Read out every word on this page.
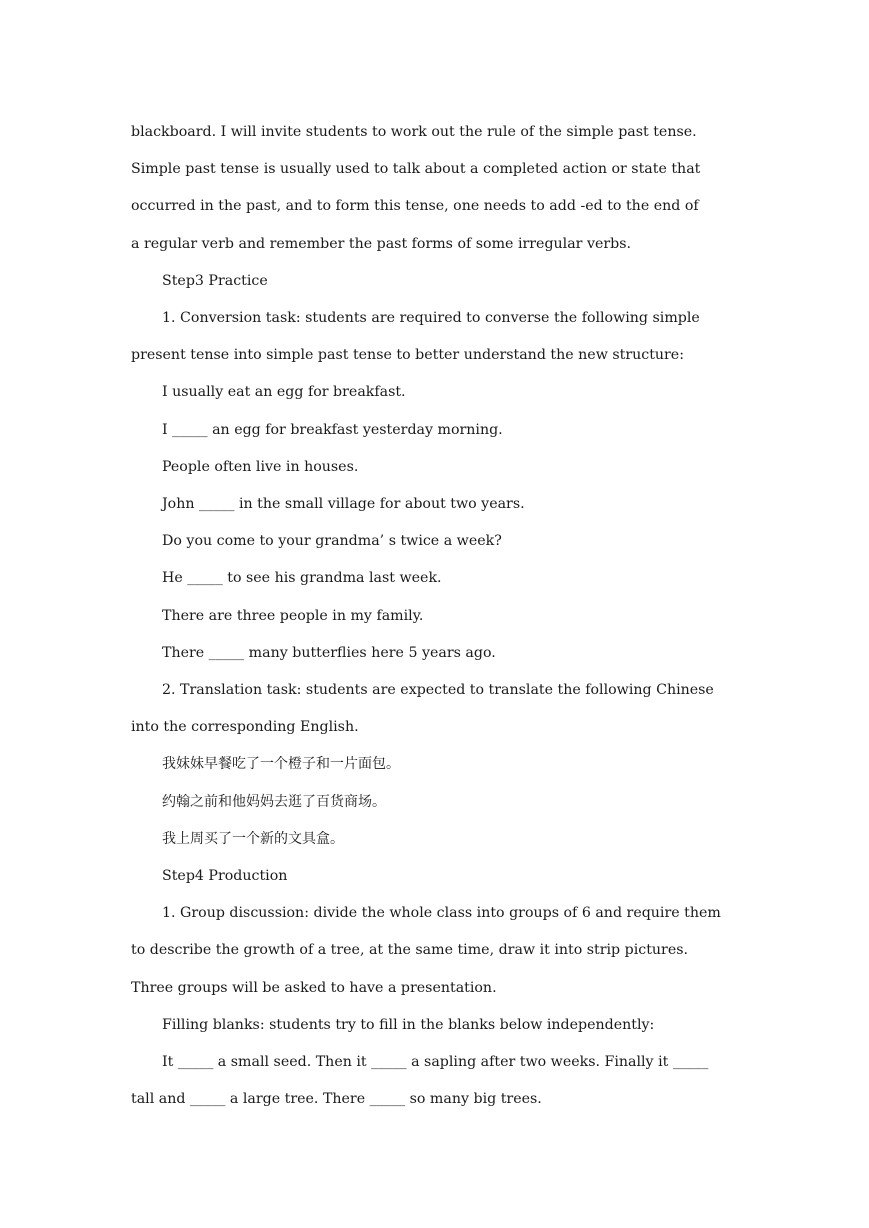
blackboard. I will invite students to work out the rule of the simple past tense.

Simple past tense is usually used to talk about a completed action or state that

occurred in the past, and to form this tense, one needs to add -ed to the end of

a regular verb and remember the past forms of some irregular verbs.

Step3 Practice

1. Conversion task: students are required to converse the following simple

present tense into simple past tense to better understand the new structure:

I usually eat an egg for breakfast.

I _____ an egg for breakfast yesterday morning.

People often live in houses.

John _____ in the small village for about two years.

Do you come to your grandma’ s twice a week?

He _____ to see his grandma last week.

There are three people in my family.

There _____ many butterflies here 5 years ago.

2. Translation task: students are expected to translate the following Chinese

into the corresponding English.

我妹妹早餐吃了一个橙子和一片面包。

约翰之前和他妈妈去逛了百货商场。

我上周买了一个新的文具盒。

Step4 Production

1. Group discussion: divide the whole class into groups of 6 and require them

to describe the growth of a tree, at the same time, draw it into strip pictures.

Three groups will be asked to have a presentation.

Filling blanks: students try to fill in the blanks below independently:

It _____ a small seed. Then it _____ a sapling after two weeks. Finally it _____

tall and _____ a large tree. There _____ so many big trees.
